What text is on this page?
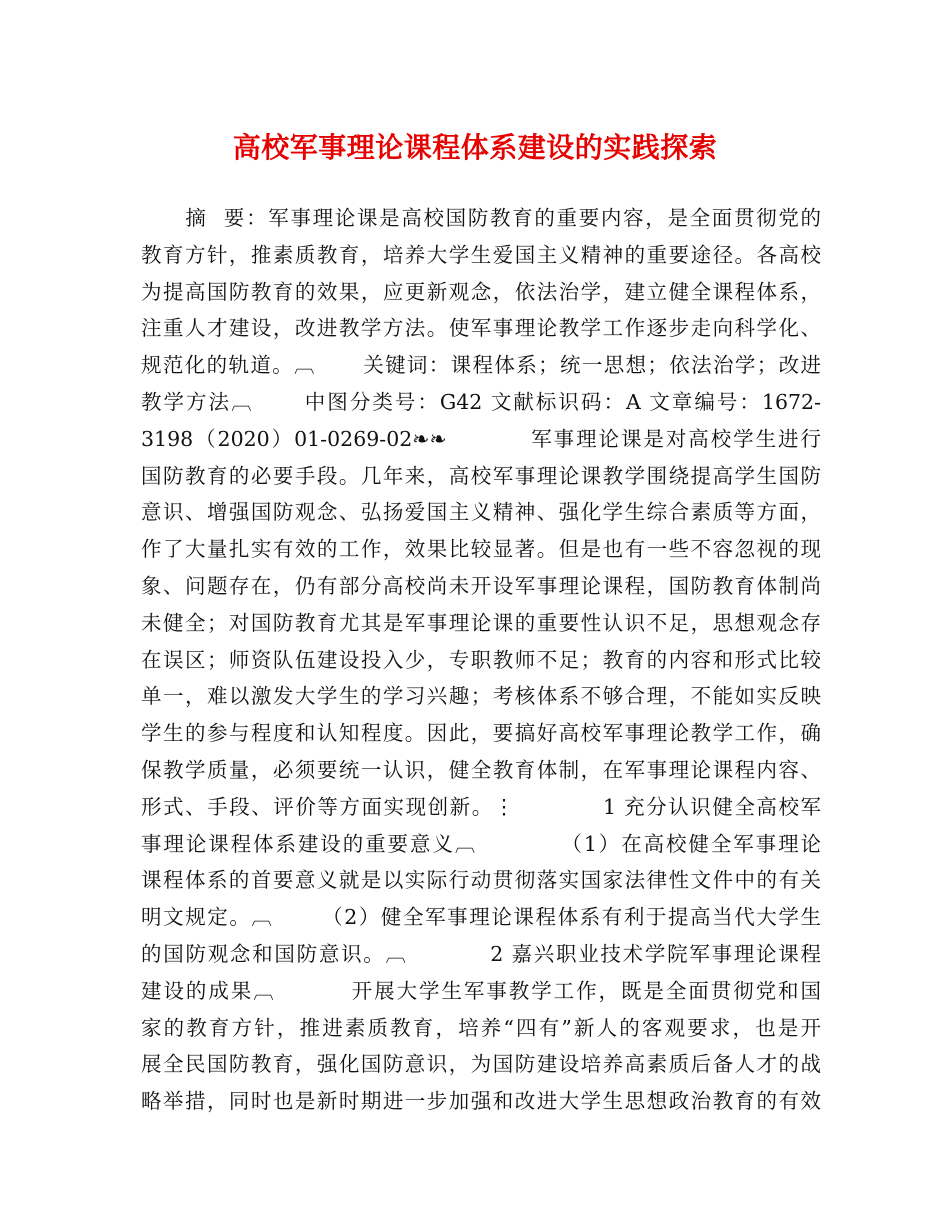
高校军事理论课程体系建设的实践探索
　　摘  要：军事理论课是高校国防教育的重要内容，是全面贯彻党的
教育方针，推素质教育，培养大学生爱国主义精神的重要途径。各高校
为提高国防教育的效果，应更新观念，依法治学，建立健全课程体系，
注重人才建设，改进教学方法。使军事理论教学工作逐步走向科学化、
规范化的轨道。︹      关键词：课程体系；统一思想；依法治学；改进
教学方法︹      中图分类号：G42 文献标识码：A 文章编号：1672-
3198（2020）01-0269-02❧❧          军事理论课是对高校学生进行
国防教育的必要手段。几年来，高校军事理论课教学围绕提高学生国防
意识、增强国防观念、弘扬爱国主义精神、强化学生综合素质等方面，
作了大量扎实有效的工作，效果比较显著。但是也有一些不容忽视的现
象、问题存在，仍有部分高校尚未开设军事理论课程，国防教育体制尚
未健全；对国防教育尤其是军事理论课的重要性认识不足，思想观念存
在误区；师资队伍建设投入少，专职教师不足；教育的内容和形式比较
单一，难以激发大学生的学习兴趣；考核体系不够合理，不能如实反映
学生的参与程度和认知程度。因此，要搞好高校军事理论教学工作，确
保教学质量，必须要统一认识，健全教育体制，在军事理论课程内容、
形式、手段、评价等方面实现创新。⋮           1 充分认识健全高校军
事理论课程体系建设的重要意义︹          （1）在高校健全军事理论
课程体系的首要意义就是以实际行动贯彻落实国家法律性文件中的有关
明文规定。︹      （2）健全军事理论课程体系有利于提高当代大学生
的国防观念和国防意识。︹          2 嘉兴职业技术学院军事理论课程
建设的成果︹         开展大学生军事教学工作，既是全面贯彻党和国
家的教育方针，推进素质教育，培养“四有”新人的客观要求，也是开
展全民国防教育，强化国防意识，为国防建设培养高素质后备人才的战
略举措，同时也是新时期进一步加强和改进大学生思想政治教育的有效
